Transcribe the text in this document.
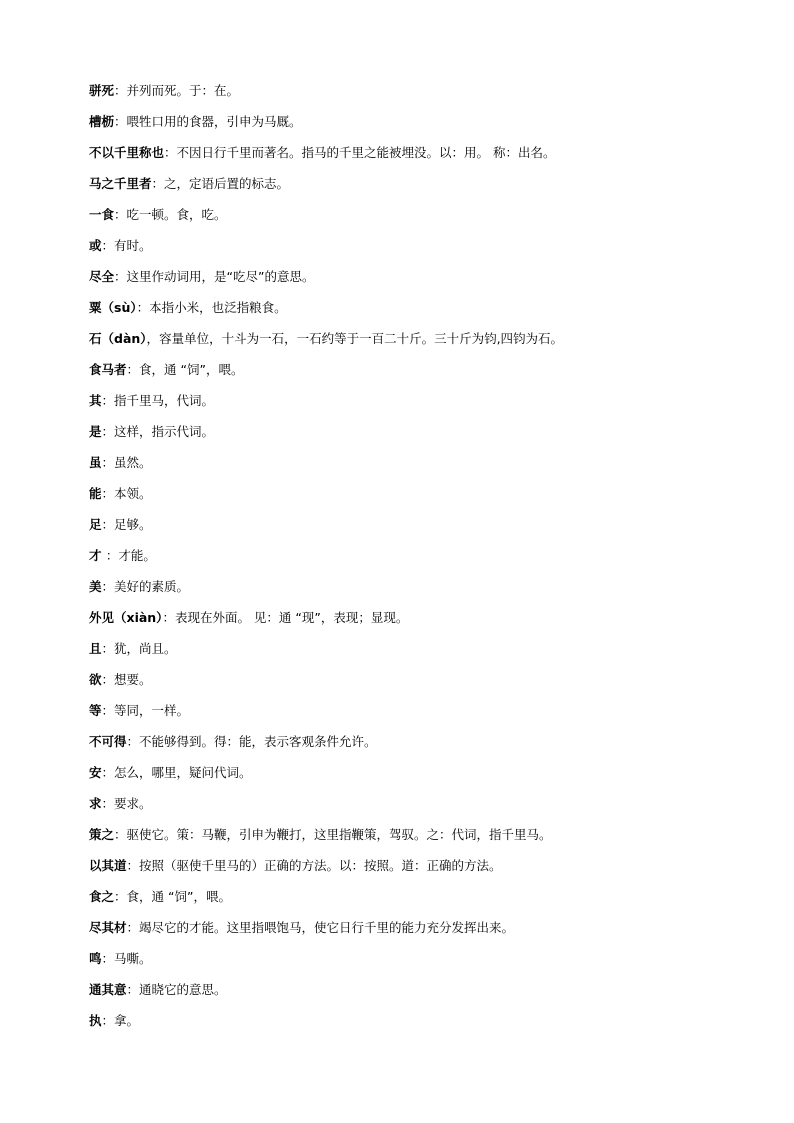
骈死：并列而死。于：在。
槽枥：喂牲口用的食器，引申为马厩。
不以千里称也：不因日行千里而著名。指马的千里之能被埋没。以：用。 称：出名。
马之千里者：之，定语后置的标志。
一食：吃一顿。食，吃。
或：有时。
尽全：这里作动词用，是“吃尽”的意思。
粟（sù）：本指小米，也泛指粮食。
石（dàn），容量单位，十斗为一石，一石约等于一百二十斤。三十斤为钧,四钧为石。
食马者：食，通 “饲”，喂。
其：指千里马，代词。
是：这样，指示代词。
虽：虽然。
能：本领。
足：足够。
才 ：才能。
美：美好的素质。
外见（xiàn）：表现在外面。 见：通 “现”，表现；显现。
且：犹，尚且。
欲：想要。
等：等同，一样。
不可得：不能够得到。得：能，表示客观条件允许。
安：怎么，哪里，疑问代词。
求：要求。
策之：驱使它。策：马鞭，引申为鞭打，这里指鞭策，驾驭。之：代词，指千里马。
以其道：按照（驱使千里马的）正确的方法。以：按照。道：正确的方法。
食之：食，通 “饲”，喂。
尽其材：竭尽它的才能。这里指喂饱马，使它日行千里的能力充分发挥出来。
鸣：马嘶。
通其意：通晓它的意思。
执：拿。
